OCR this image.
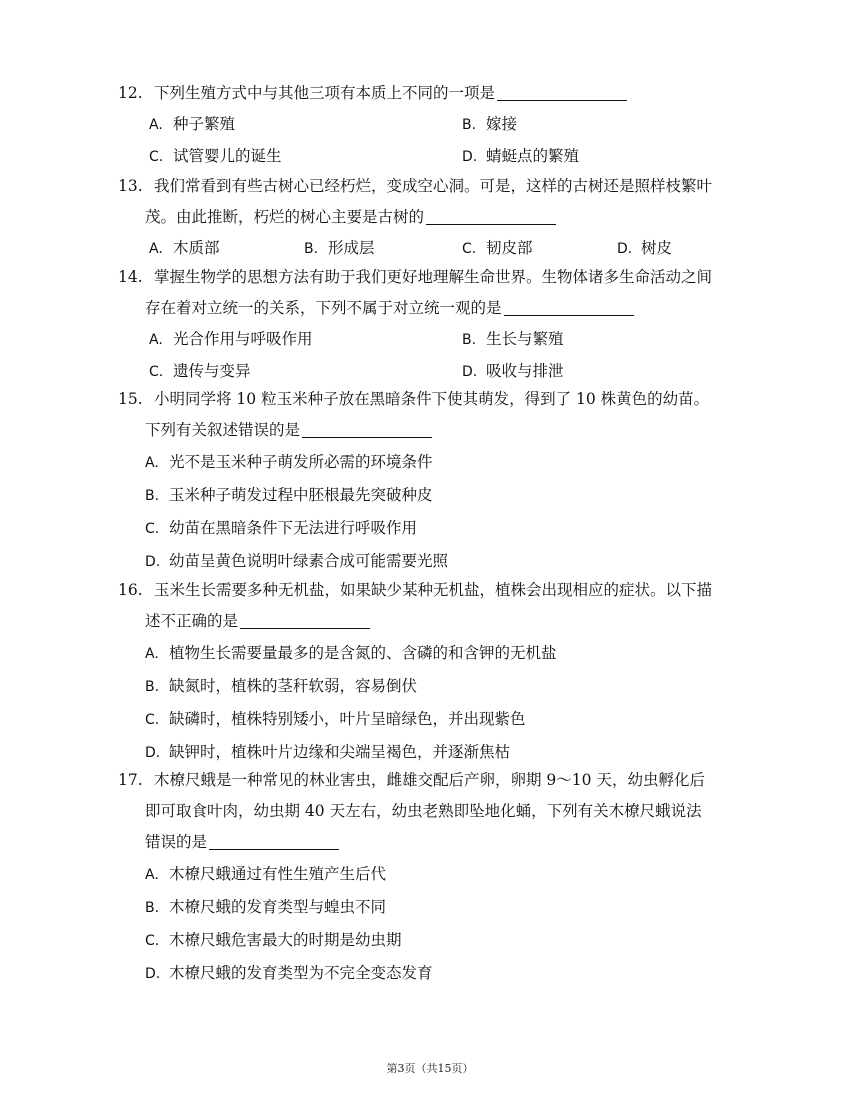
12. 下列生殖方式中与其他三项有本质上不同的一项是
A. 种子繁殖	B. 嫁接
C. 试管婴儿的诞生	D. 蜻蜓点的繁殖
13. 我们常看到有些古树心已经朽烂，变成空心洞。可是，这样的古树还是照样枝繁叶
茂。由此推断，朽烂的树心主要是古树的
A. 木质部	B. 形成层	C. 韧皮部	D. 树皮
14. 掌握生物学的思想方法有助于我们更好地理解生命世界。生物体诸多生命活动之间
存在着对立统一的关系，下列不属于对立统一观的是
A. 光合作用与呼吸作用	B. 生长与繁殖
C. 遗传与变异	D. 吸收与排泄
15. 小明同学将 10 粒玉米种子放在黑暗条件下使其萌发，得到了 10 株黄色的幼苗。
下列有关叙述错误的是
A. 光不是玉米种子萌发所必需的环境条件
B. 玉米种子萌发过程中胚根最先突破种皮
C. 幼苗在黑暗条件下无法进行呼吸作用
D. 幼苗呈黄色说明叶绿素合成可能需要光照
16. 玉米生长需要多种无机盐，如果缺少某种无机盐，植株会出现相应的症状。以下描
述不正确的是
A. 植物生长需要量最多的是含氮的、含磷的和含钾的无机盐
B. 缺氮时，植株的茎秆软弱，容易倒伏
C. 缺磷时，植株特别矮小，叶片呈暗绿色，并出现紫色
D. 缺钾时，植株叶片边缘和尖端呈褐色，并逐渐焦枯
17. 木橑尺蛾是一种常见的林业害虫，雌雄交配后产卵，卵期 9～10 天，幼虫孵化后
即可取食叶肉，幼虫期 40 天左右，幼虫老熟即坠地化蛹，下列有关木橑尺蛾说法
错误的是
A. 木橑尺蛾通过有性生殖产生后代
B. 木橑尺蛾的发育类型与蝗虫不同
C. 木橑尺蛾危害最大的时期是幼虫期
D. 木橑尺蛾的发育类型为不完全变态发育
第3页（共15页）
